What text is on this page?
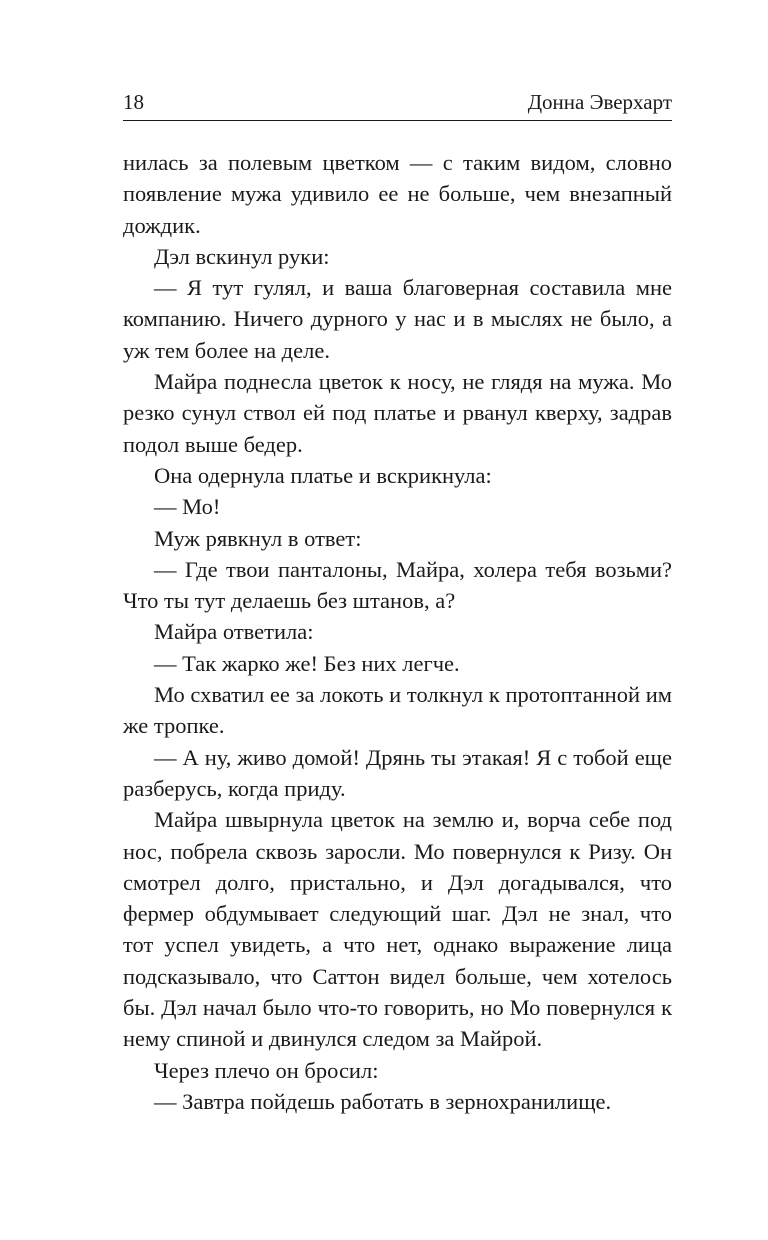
18	Донна Эверхарт

нилась за полевым цветком — с таким видом, словно появление мужа удивило ее не больше, чем внезапный дождик.

Дэл вскинул руки:

— Я тут гулял, и ваша благоверная составила мне компанию. Ничего дурного у нас и в мыслях не было, а уж тем более на деле.

Майра поднесла цветок к носу, не глядя на мужа. Мо резко сунул ствол ей под платье и рванул кверху, задрав подол выше бедер.

Она одернула платье и вскрикнула:

— Мо!

Муж рявкнул в ответ:

— Где твои панталоны, Майра, холера тебя возьми? Что ты тут делаешь без штанов, а?

Майра ответила:

— Так жарко же! Без них легче.

Мо схватил ее за локоть и толкнул к протоптанной им же тропке.

— А ну, живо домой! Дрянь ты этакая! Я с тобой еще разберусь, когда приду.

Майра швырнула цветок на землю и, ворча себе под нос, побрела сквозь заросли. Мо повернулся к Ризу. Он смотрел долго, пристально, и Дэл догадывался, что фермер обдумывает следующий шаг. Дэл не знал, что тот успел увидеть, а что нет, однако выражение лица подсказывало, что Саттон видел больше, чем хотелось бы. Дэл начал было что-то говорить, но Мо повернулся к нему спиной и двинулся следом за Майрой.

Через плечо он бросил:

— Завтра пойдешь работать в зернохранилище.
